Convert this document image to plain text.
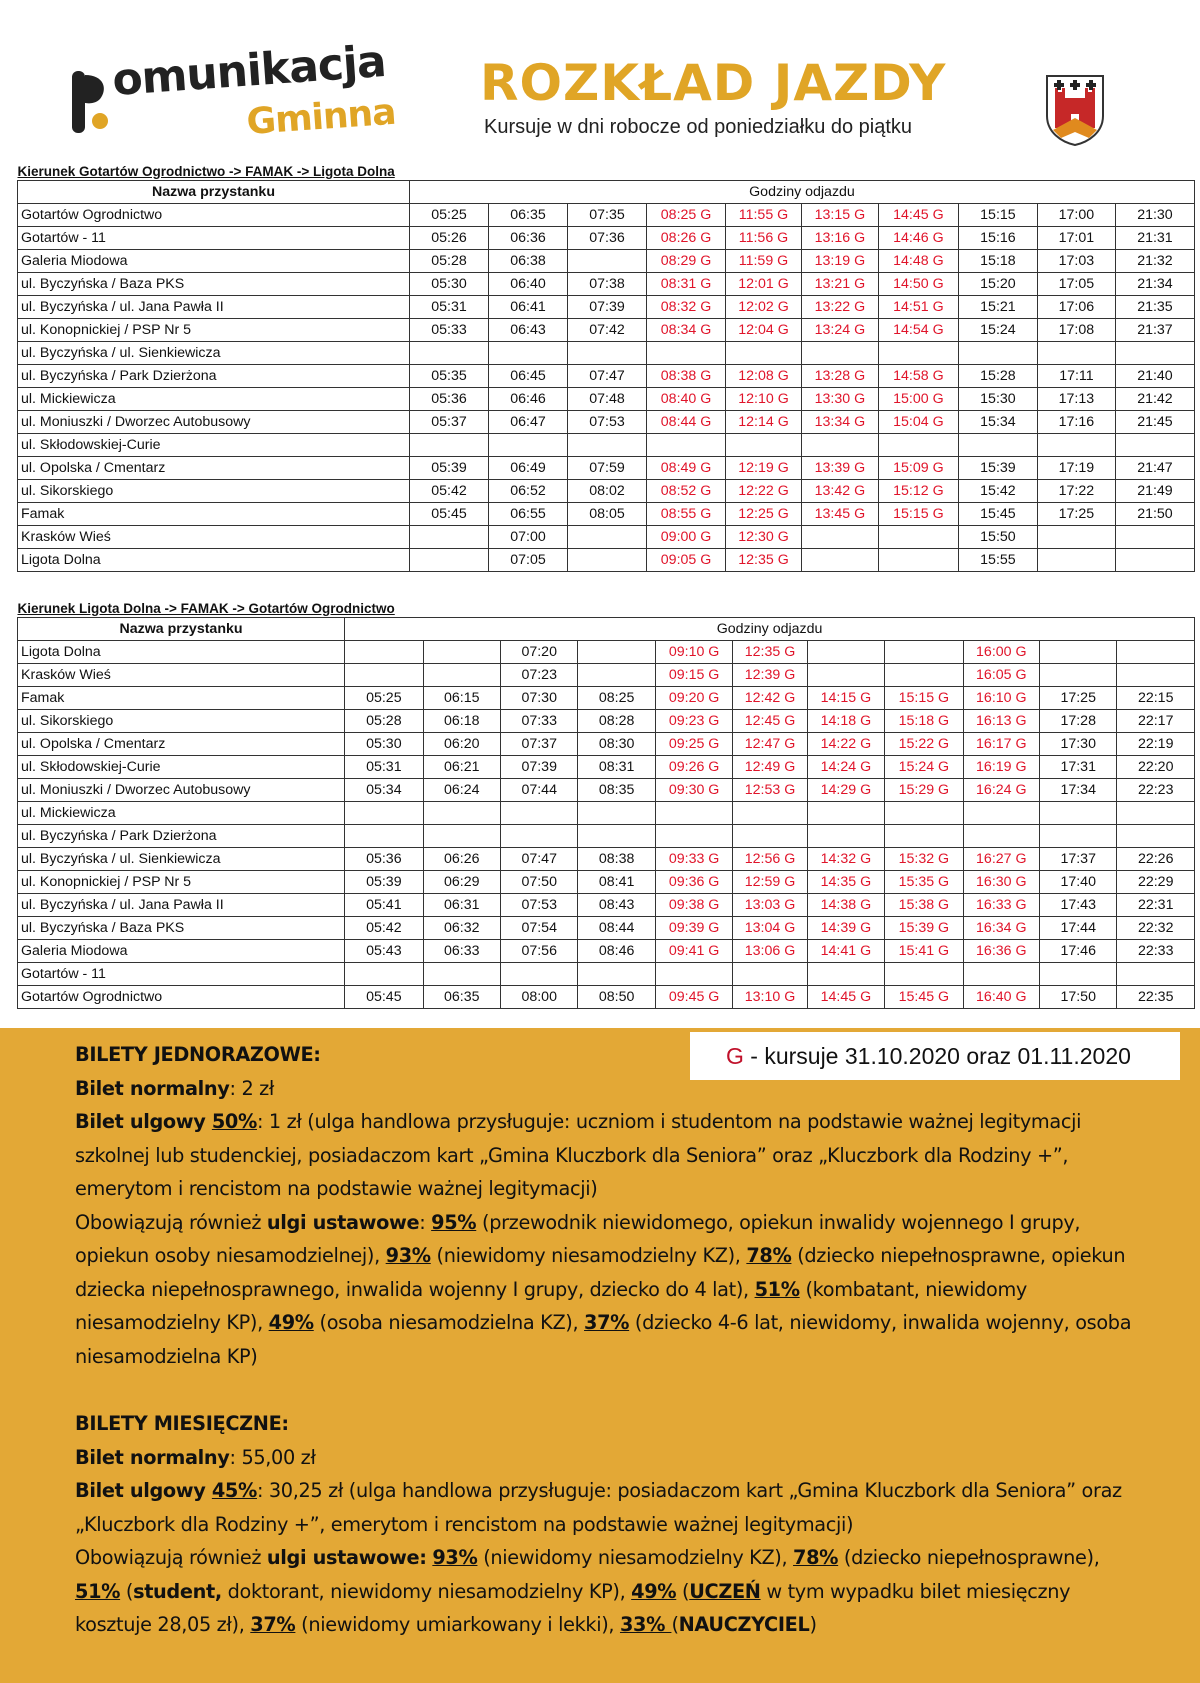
omunikacja
Gminna
ROZKŁAD JAZDY
Kursuje w dni robocze od poniedziałku do piątku
Kierunek Gotartów Ogrodnictwo -> FAMAK -> Ligota Dolna										
Nazwa przystanku	Godziny odjazdu									
Gotartów Ogrodnictwo	05:25	06:35	07:35	08:25 G	11:55 G	13:15 G	14:45 G	15:15	17:00	21:30
Gotartów - 11	05:26	06:36	07:36	08:26 G	11:56 G	13:16 G	14:46 G	15:16	17:01	21:31
Galeria Miodowa	05:28	06:38		08:29 G	11:59 G	13:19 G	14:48 G	15:18	17:03	21:32
ul. Byczyńska / Baza PKS	05:30	06:40	07:38	08:31 G	12:01 G	13:21 G	14:50 G	15:20	17:05	21:34
ul. Byczyńska / ul. Jana Pawła II	05:31	06:41	07:39	08:32 G	12:02 G	13:22 G	14:51 G	15:21	17:06	21:35
ul. Konopnickiej / PSP Nr 5	05:33	06:43	07:42	08:34 G	12:04 G	13:24 G	14:54 G	15:24	17:08	21:37
ul. Byczyńska / ul. Sienkiewicza										
ul. Byczyńska / Park Dzierżona	05:35	06:45	07:47	08:38 G	12:08 G	13:28 G	14:58 G	15:28	17:11	21:40
ul. Mickiewicza	05:36	06:46	07:48	08:40 G	12:10 G	13:30 G	15:00 G	15:30	17:13	21:42
ul. Moniuszki / Dworzec Autobusowy	05:37	06:47	07:53	08:44 G	12:14 G	13:34 G	15:04 G	15:34	17:16	21:45
ul. Skłodowskiej-Curie										
ul. Opolska / Cmentarz	05:39	06:49	07:59	08:49 G	12:19 G	13:39 G	15:09 G	15:39	17:19	21:47
ul. Sikorskiego	05:42	06:52	08:02	08:52 G	12:22 G	13:42 G	15:12 G	15:42	17:22	21:49
Famak	05:45	06:55	08:05	08:55 G	12:25 G	13:45 G	15:15 G	15:45	17:25	21:50
Krasków Wieś		07:00		09:00 G	12:30 G			15:50		
Ligota Dolna		07:05		09:05 G	12:35 G			15:55		
Kierunek Ligota Dolna -> FAMAK -> Gotartów Ogrodnictwo											
Nazwa przystanku	Godziny odjazdu										
Ligota Dolna			07:20		09:10 G	12:35 G			16:00 G		
Krasków Wieś			07:23		09:15 G	12:39 G			16:05 G		
Famak	05:25	06:15	07:30	08:25	09:20 G	12:42 G	14:15 G	15:15 G	16:10 G	17:25	22:15
ul. Sikorskiego	05:28	06:18	07:33	08:28	09:23 G	12:45 G	14:18 G	15:18 G	16:13 G	17:28	22:17
ul. Opolska / Cmentarz	05:30	06:20	07:37	08:30	09:25 G	12:47 G	14:22 G	15:22 G	16:17 G	17:30	22:19
ul. Skłodowskiej-Curie	05:31	06:21	07:39	08:31	09:26 G	12:49 G	14:24 G	15:24 G	16:19 G	17:31	22:20
ul. Moniuszki / Dworzec Autobusowy	05:34	06:24	07:44	08:35	09:30 G	12:53 G	14:29 G	15:29 G	16:24 G	17:34	22:23
ul. Mickiewicza											
ul. Byczyńska / Park Dzierżona											
ul. Byczyńska / ul. Sienkiewicza	05:36	06:26	07:47	08:38	09:33 G	12:56 G	14:32 G	15:32 G	16:27 G	17:37	22:26
ul. Konopnickiej / PSP Nr 5	05:39	06:29	07:50	08:41	09:36 G	12:59 G	14:35 G	15:35 G	16:30 G	17:40	22:29
ul. Byczyńska / ul. Jana Pawła II	05:41	06:31	07:53	08:43	09:38 G	13:03 G	14:38 G	15:38 G	16:33 G	17:43	22:31
ul. Byczyńska / Baza PKS	05:42	06:32	07:54	08:44	09:39 G	13:04 G	14:39 G	15:39 G	16:34 G	17:44	22:32
Galeria Miodowa	05:43	06:33	07:56	08:46	09:41 G	13:06 G	14:41 G	15:41 G	16:36 G	17:46	22:33
Gotartów - 11											
Gotartów Ogrodnictwo	05:45	06:35	08:00	08:50	09:45 G	13:10 G	14:45 G	15:45 G	16:40 G	17:50	22:35
G - kursuje 31.10.2020 oraz 01.11.2020
BILETY JEDNORAZOWE:
Bilet normalny: 2 zł
Bilet ulgowy 50%: 1 zł (ulga handlowa przysługuje: uczniom i studentom na podstawie ważnej legitymacji
szkolnej lub studenckiej, posiadaczom kart „Gmina Kluczbork dla Seniora” oraz „Kluczbork dla Rodziny +”,
emerytom i rencistom na podstawie ważnej legitymacji)
Obowiązują również ulgi ustawowe: 95% (przewodnik niewidomego, opiekun inwalidy wojennego I grupy,
opiekun osoby niesamodzielnej), 93% (niewidomy niesamodzielny KZ), 78% (dziecko niepełnosprawne, opiekun
dziecka niepełnosprawnego, inwalida wojenny I grupy, dziecko do 4 lat), 51% (kombatant, niewidomy
niesamodzielny KP), 49% (osoba niesamodzielna KZ), 37% (dziecko 4-6 lat, niewidomy, inwalida wojenny, osoba
niesamodzielna KP)
BILETY MIESIĘCZNE:
Bilet normalny: 55,00 zł
Bilet ulgowy 45%: 30,25 zł (ulga handlowa przysługuje: posiadaczom kart „Gmina Kluczbork dla Seniora” oraz
„Kluczbork dla Rodziny +”, emerytom i rencistom na podstawie ważnej legitymacji)
Obowiązują również ulgi ustawowe: 93% (niewidomy niesamodzielny KZ), 78% (dziecko niepełnosprawne),
51% (student, doktorant, niewidomy niesamodzielny KP), 49% (UCZEŃ w tym wypadku bilet miesięczny
kosztuje 28,05 zł), 37% (niewidomy umiarkowany i lekki), 33% (NAUCZYCIEL)
